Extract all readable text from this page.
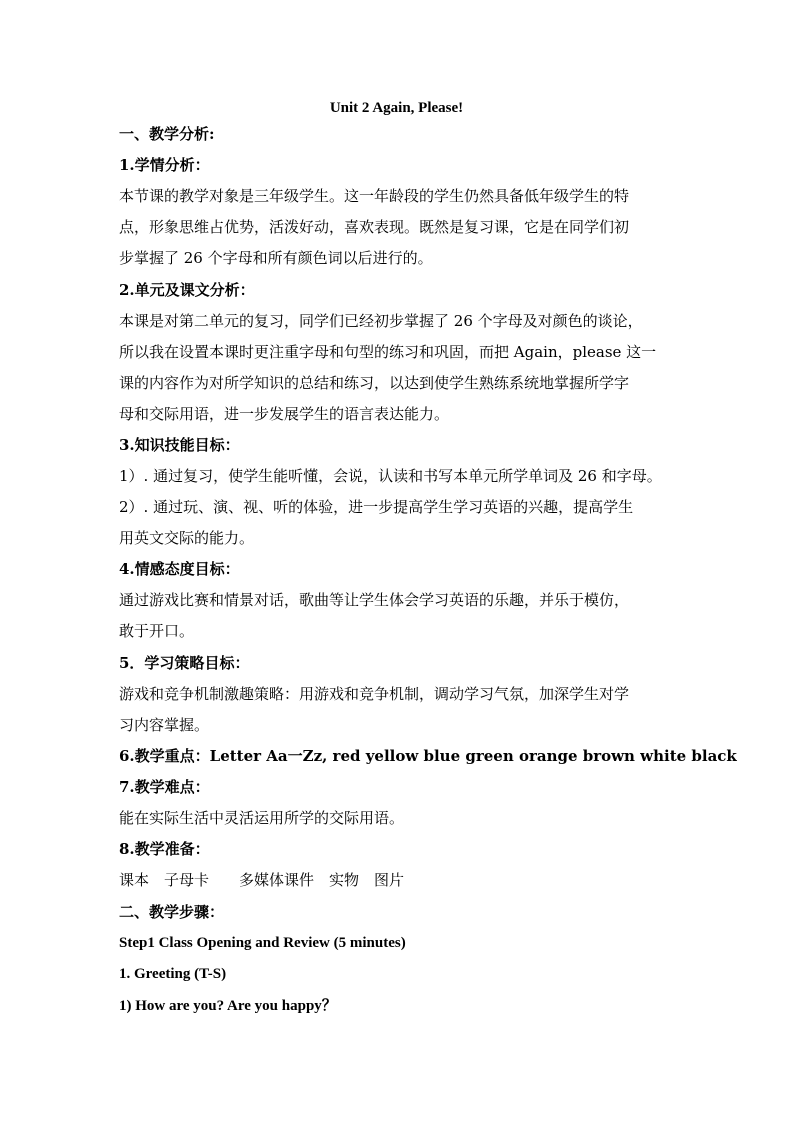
Unit 2 Again, Please!
一、教学分析:
1.学情分析：
本节课的教学对象是三年级学生。这一年龄段的学生仍然具备低年级学生的特
点，形象思维占优势，活泼好动，喜欢表现。既然是复习课，它是在同学们初
步掌握了 26 个字母和所有颜色词以后进行的。
2.单元及课文分析：
本课是对第二单元的复习，同学们已经初步掌握了 26 个字母及对颜色的谈论，
所以我在设置本课时更注重字母和句型的练习和巩固，而把 Again，please 这一
课的内容作为对所学知识的总结和练习，以达到使学生熟练系统地掌握所学字
母和交际用语，进一步发展学生的语言表达能力。
3.知识技能目标：
1）. 通过复习，使学生能听懂，会说，认读和书写本单元所学单词及 26 和字母。
2）. 通过玩、演、视、听的体验，进一步提高学生学习英语的兴趣，提高学生
用英文交际的能力。
4.情感态度目标：
通过游戏比赛和情景对话，歌曲等让学生体会学习英语的乐趣，并乐于模仿，
敢于开口。
5．学习策略目标：
游戏和竞争机制激趣策略：用游戏和竞争机制，调动学习气氛，加深学生对学
习内容掌握。
6.教学重点：Letter Aa一Zz, red yellow blue green orange brown white black
7.教学难点：
能在实际生活中灵活运用所学的交际用语。
8.教学准备：
课本　子母卡　　多媒体课件　实物　图片
二、教学步骤：
Step1 Class Opening and Review (5 minutes)
1. Greeting (T-S)
1) How are you? Are you happy？
